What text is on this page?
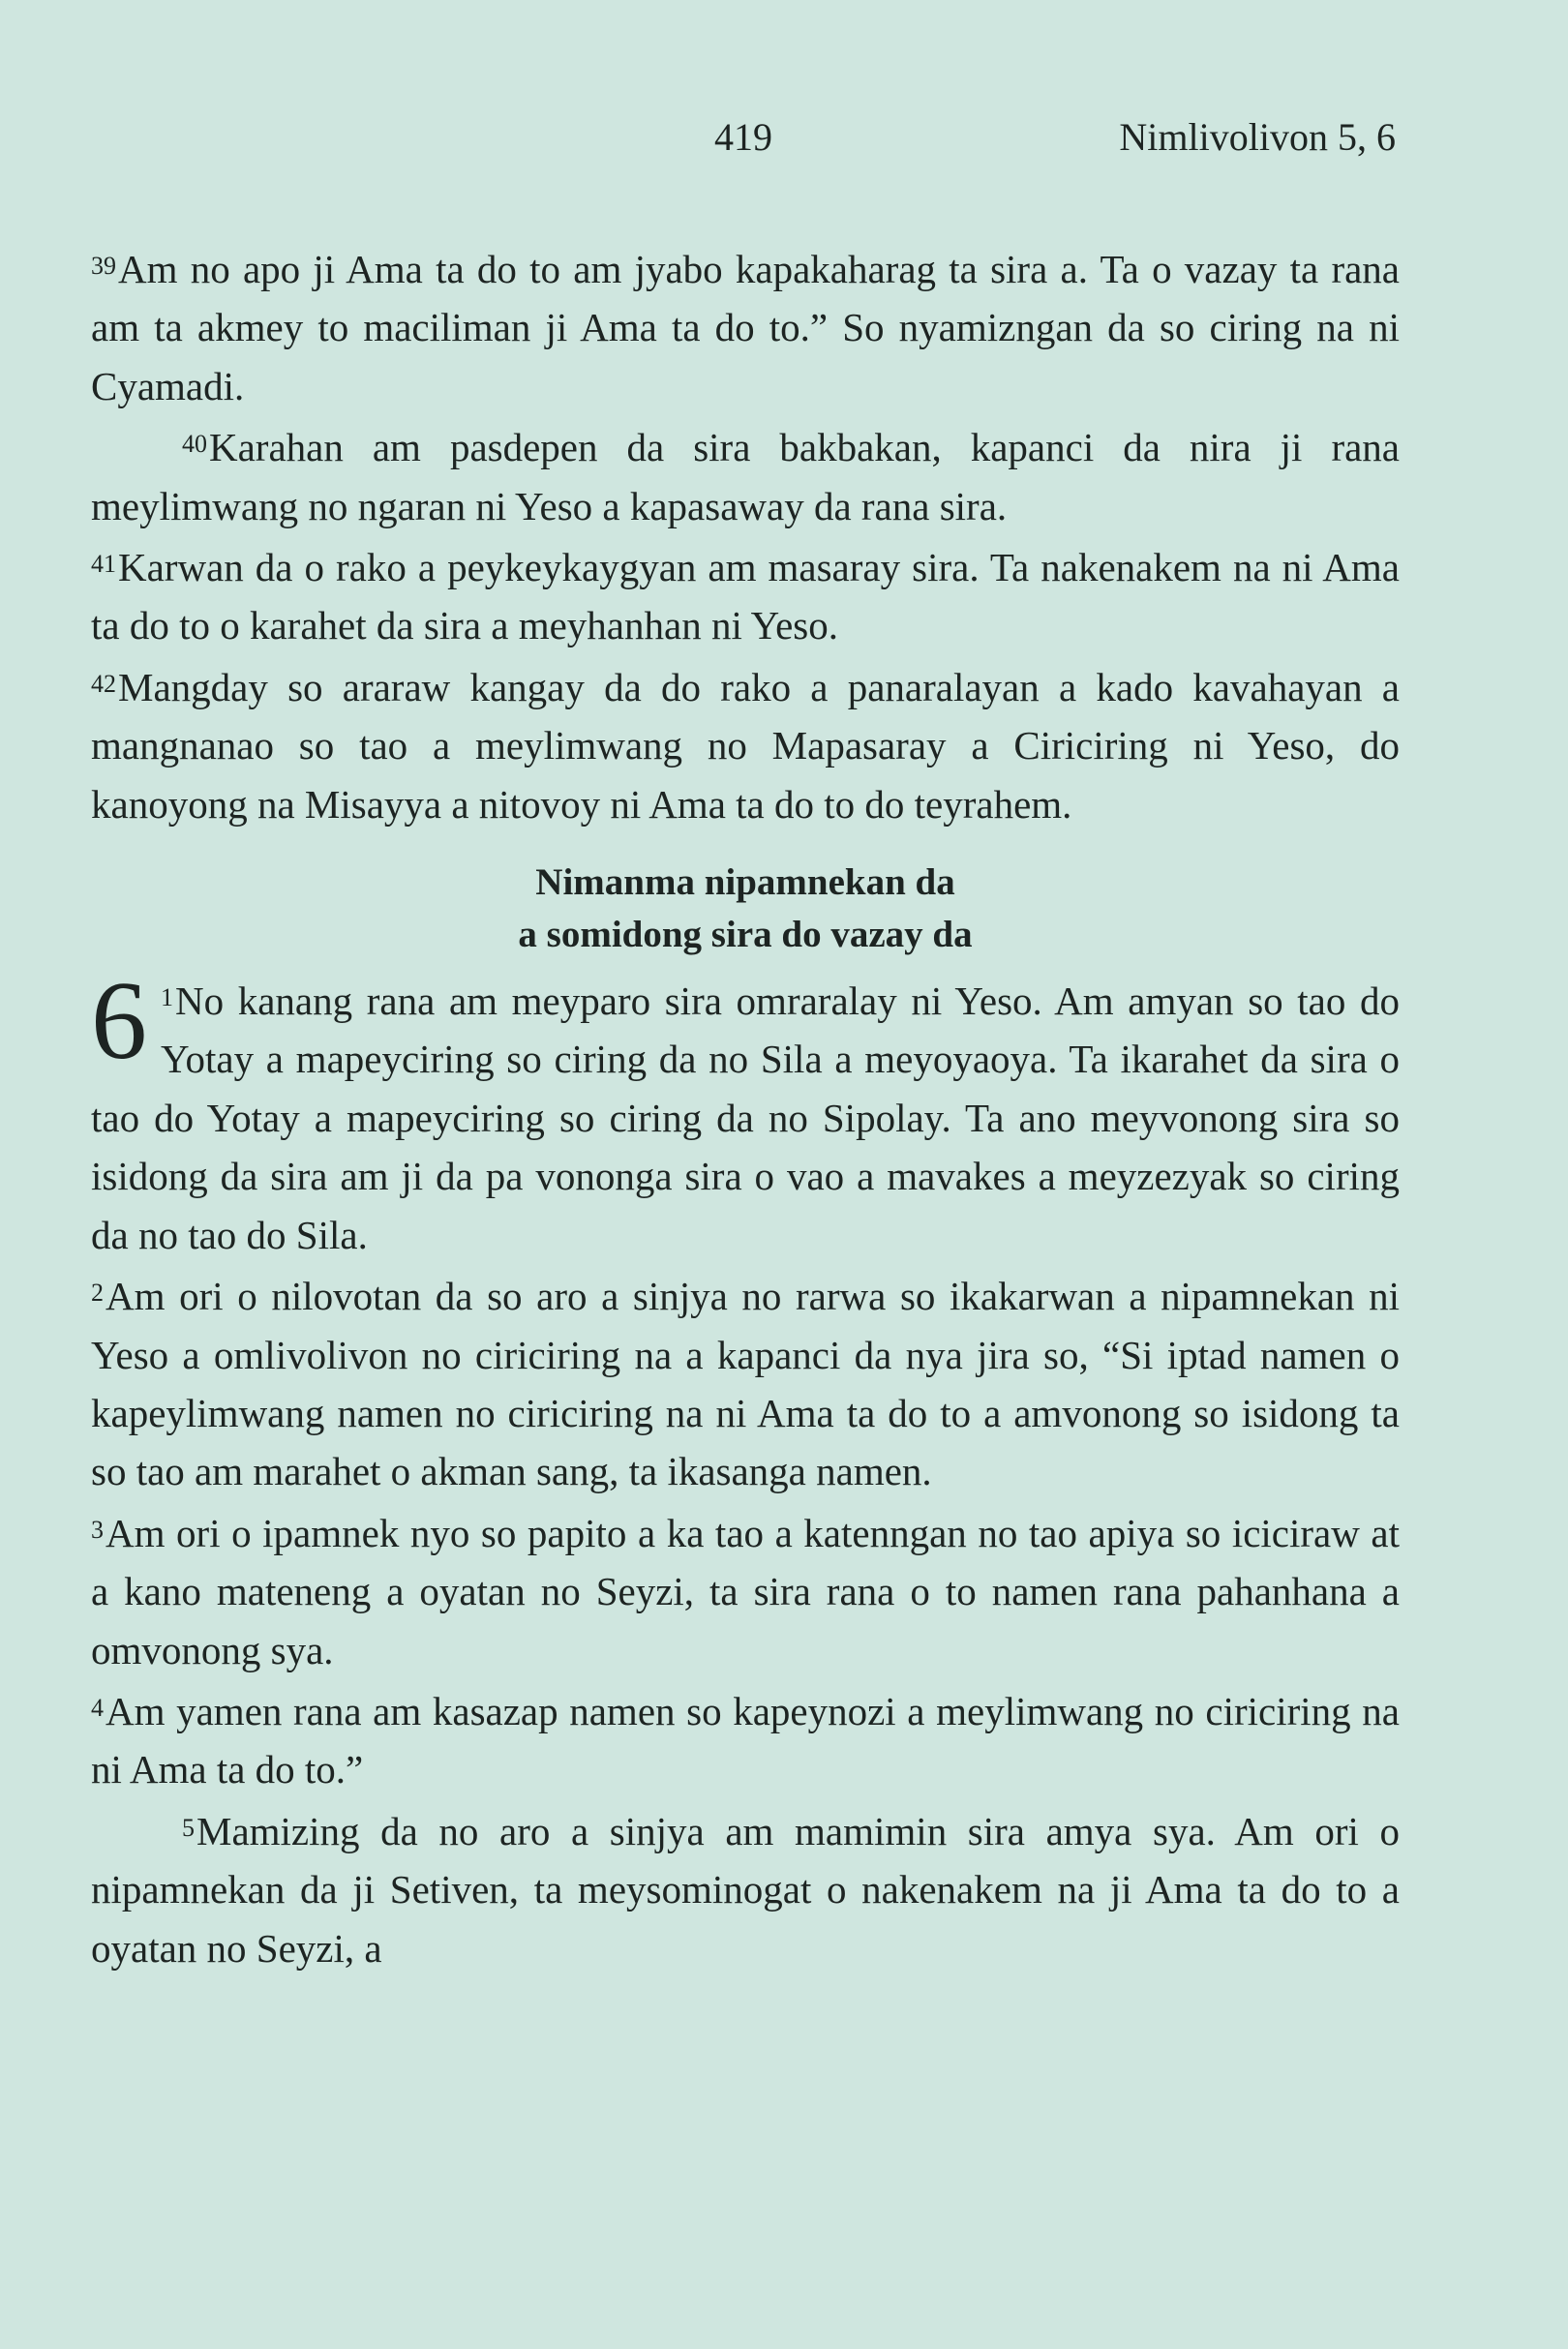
419	Nimlivolivon 5, 6

$^{39}$Am no apo ji Ama ta do to am jyabo kapakaharag ta sira a. Ta o vazay ta rana am ta akmey to maciliman ji Ama ta do to.” So nyamizngan da so ciring na ni Cyamadi.

$^{40}$Karahan am pasdepen da sira bakbakan, kapanci da nira ji rana meylimwang no ngaran ni Yeso a kapasaway da rana sira.

$^{41}$Karwan da o rako a peykeykaygyan am masaray sira. Ta nakenakem na ni Ama ta do to o karahet da sira a meyhanhan ni Yeso.

$^{42}$Mangday so araraw kangay da do rako a panaralayan a kado kavahayan a mangnanao so tao a meylimwang no Mapasaray a Ciriciring ni Yeso, do kanoyong na Misayya a nitovoy ni Ama ta do to do teyrahem.

Nimanma nipamnekan da
a somidong sira do vazay da

6 $^1$No kanang rana am meyparo sira omraralay ni Yeso. Am amyan so tao do Yotay a mapeyciring so ciring da no Sila a meyoyaoya. Ta ikarahet da sira o tao do Yotay a mapeyciring so ciring da no Sipolay. Ta ano meyvonong sira so isidong da sira am ji da pa vononga sira o vao a mavakes a meyzezyak so ciring da no tao do Sila.

$^2$Am ori o nilovotan da so aro a sinjya no rarwa so ikakarwan a nipamnekan ni Yeso a omlivolivon no ciriciring na a kapanci da nya jira so, “Si iptad namen o kapeylimwang namen no ciriciring na ni Ama ta do to a amvonong so isidong ta so tao am marahet o akman sang, ta ikasanga namen.

$^3$Am ori o ipamnek nyo so papito a ka tao a katenngan no tao apiya so iciciraw at a kano mateneng a oyatan no Seyzi, ta sira rana o to namen rana pahanhana a omvonong sya.

$^4$Am yamen rana am kasazap namen so kapeynozi a meylimwang no ciriciring na ni Ama ta do to.”

$^5$Mamizing da no aro a sinjya am mamimin sira amya sya. Am ori o nipamnekan da ji Setiven, ta meysominogat o nakenakem na ji Ama ta do to a oyatan no Seyzi, a
